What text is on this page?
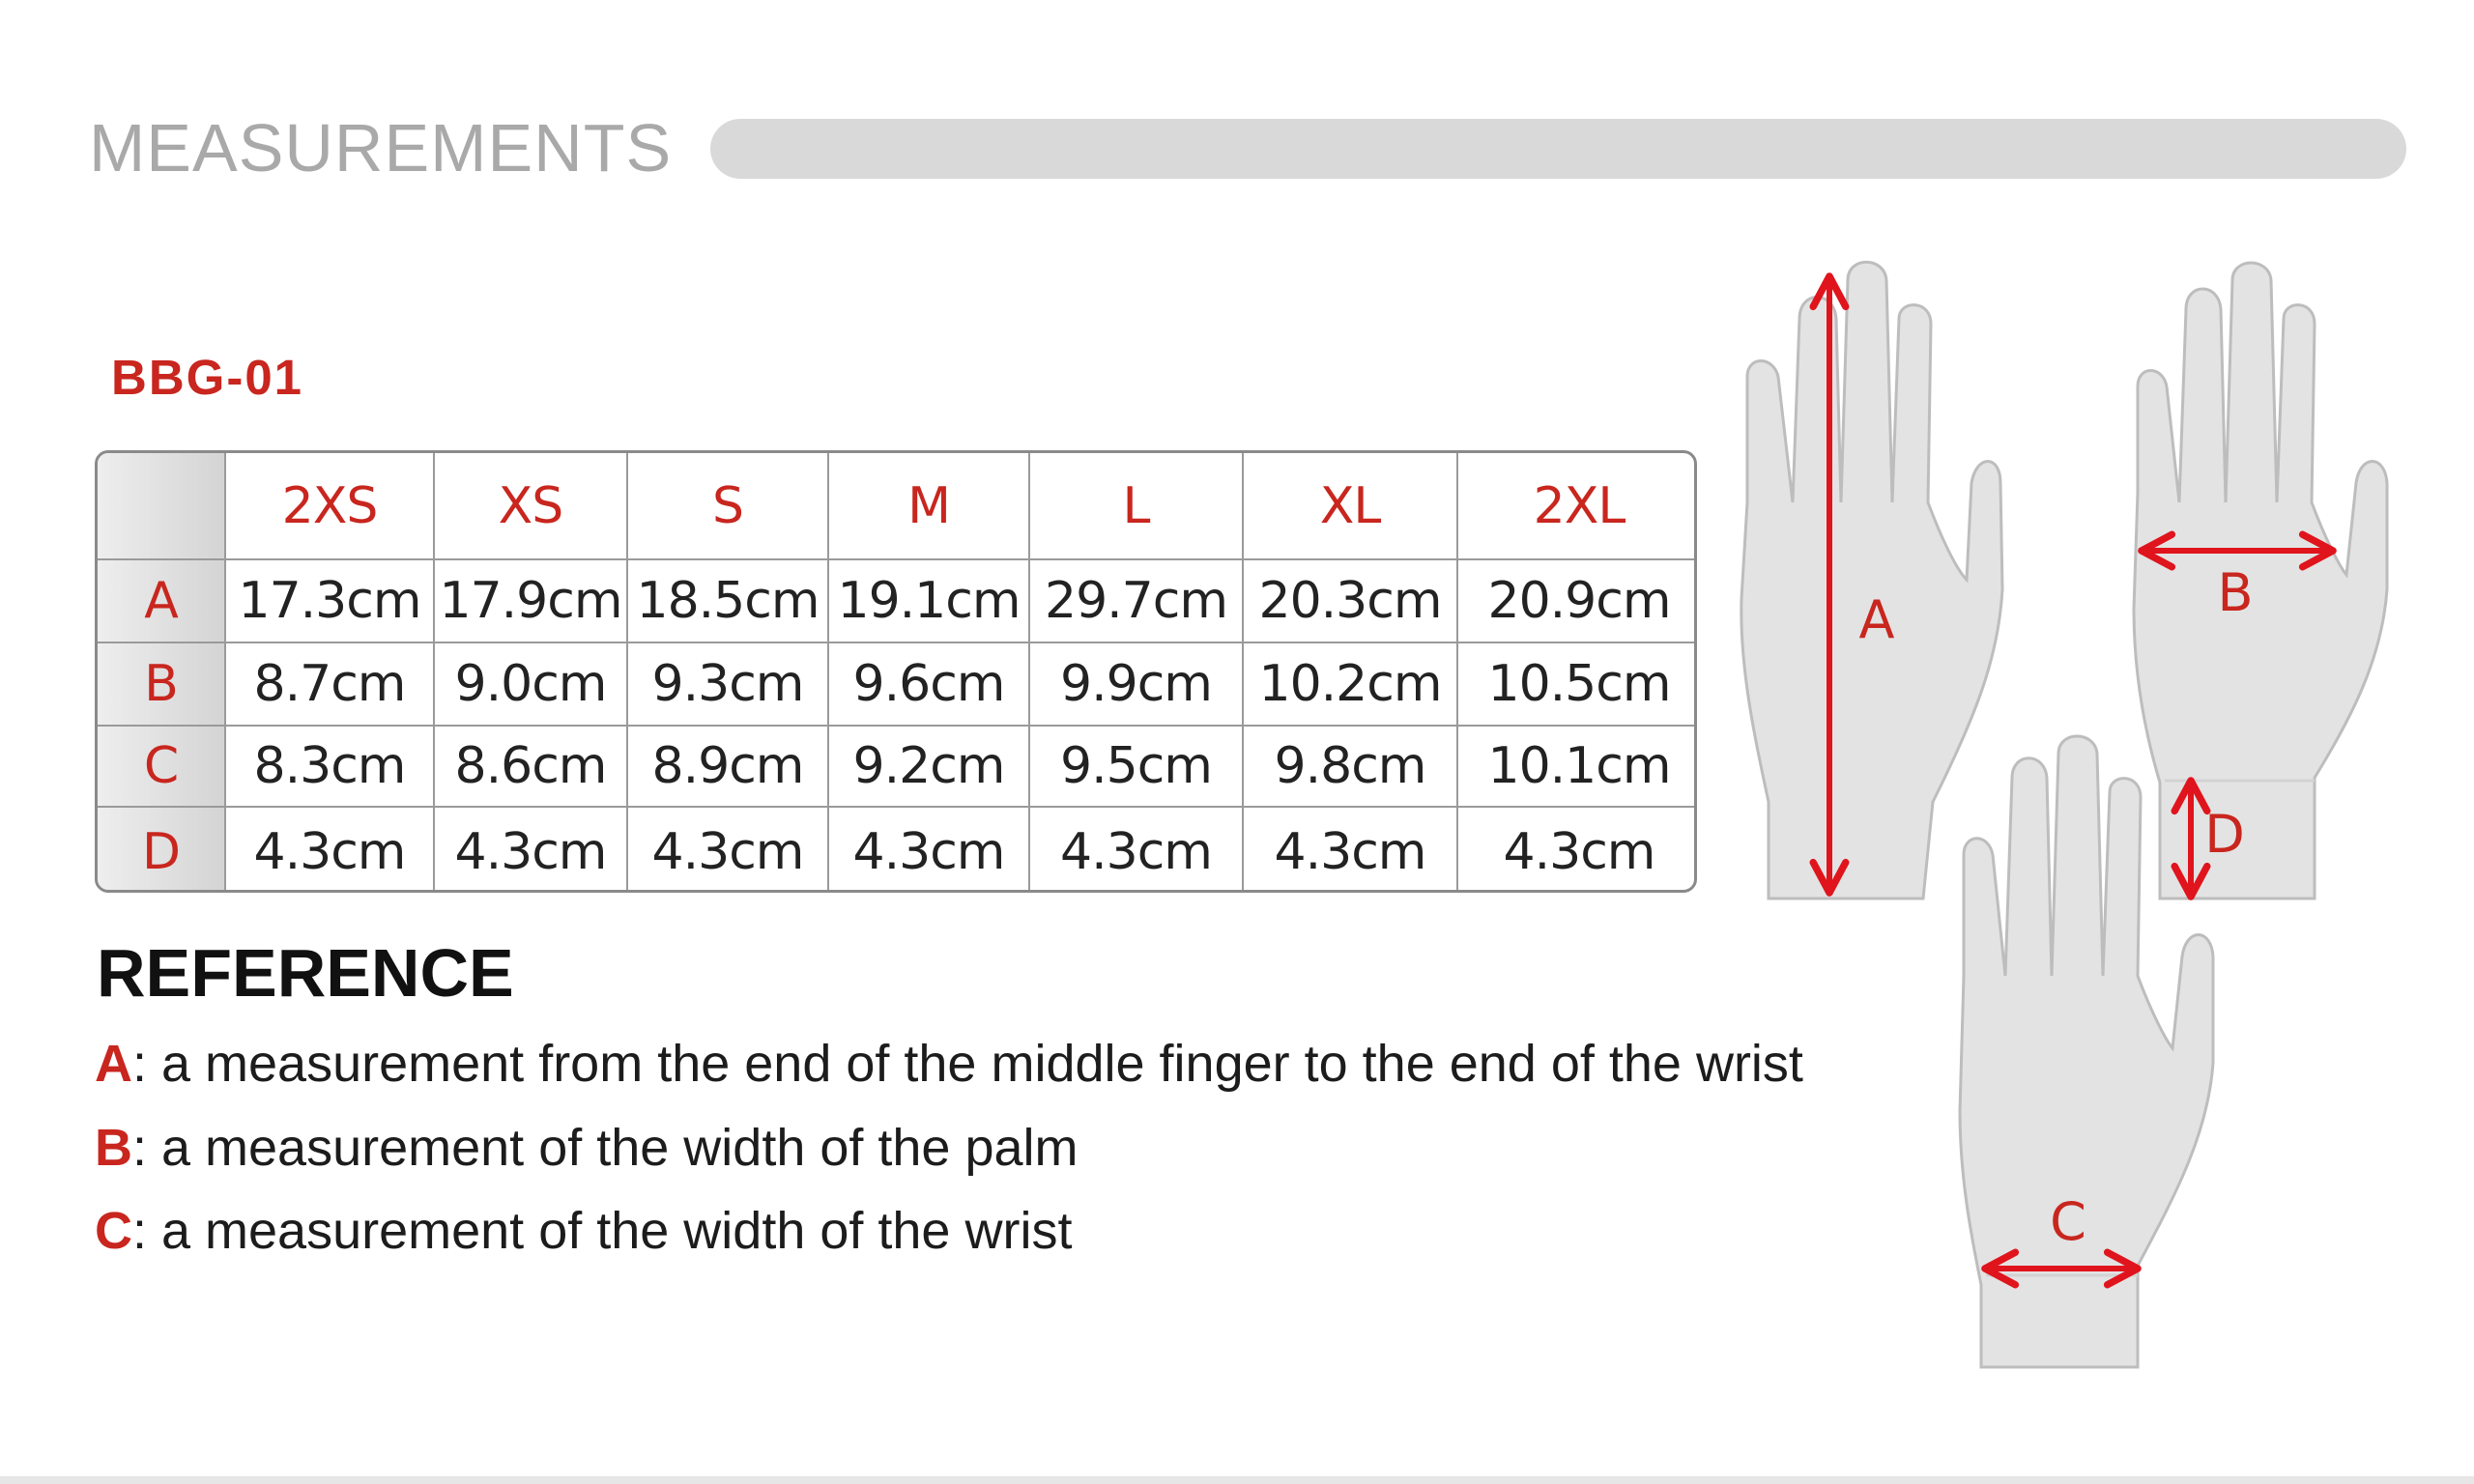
MEASUREMENTS
BBG-01
	2XS	XS	S	M	L	XL	2XL
A	17.3cm	17.9cm	18.5cm	19.1cm	29.7cm	20.3cm	20.9cm
B	8.7cm	9.0cm	9.3cm	9.6cm	9.9cm	10.2cm	10.5cm
C	8.3cm	8.6cm	8.9cm	9.2cm	9.5cm	9.8cm	10.1cm
D	4.3cm	4.3cm	4.3cm	4.3cm	4.3cm	4.3cm	4.3cm
REFERENCE
A: a measurement from the end of the middle finger to the end of the wrist
B: a measurement of the width of the palm
C: a measurement of the width of the wrist
A	B
D
C
